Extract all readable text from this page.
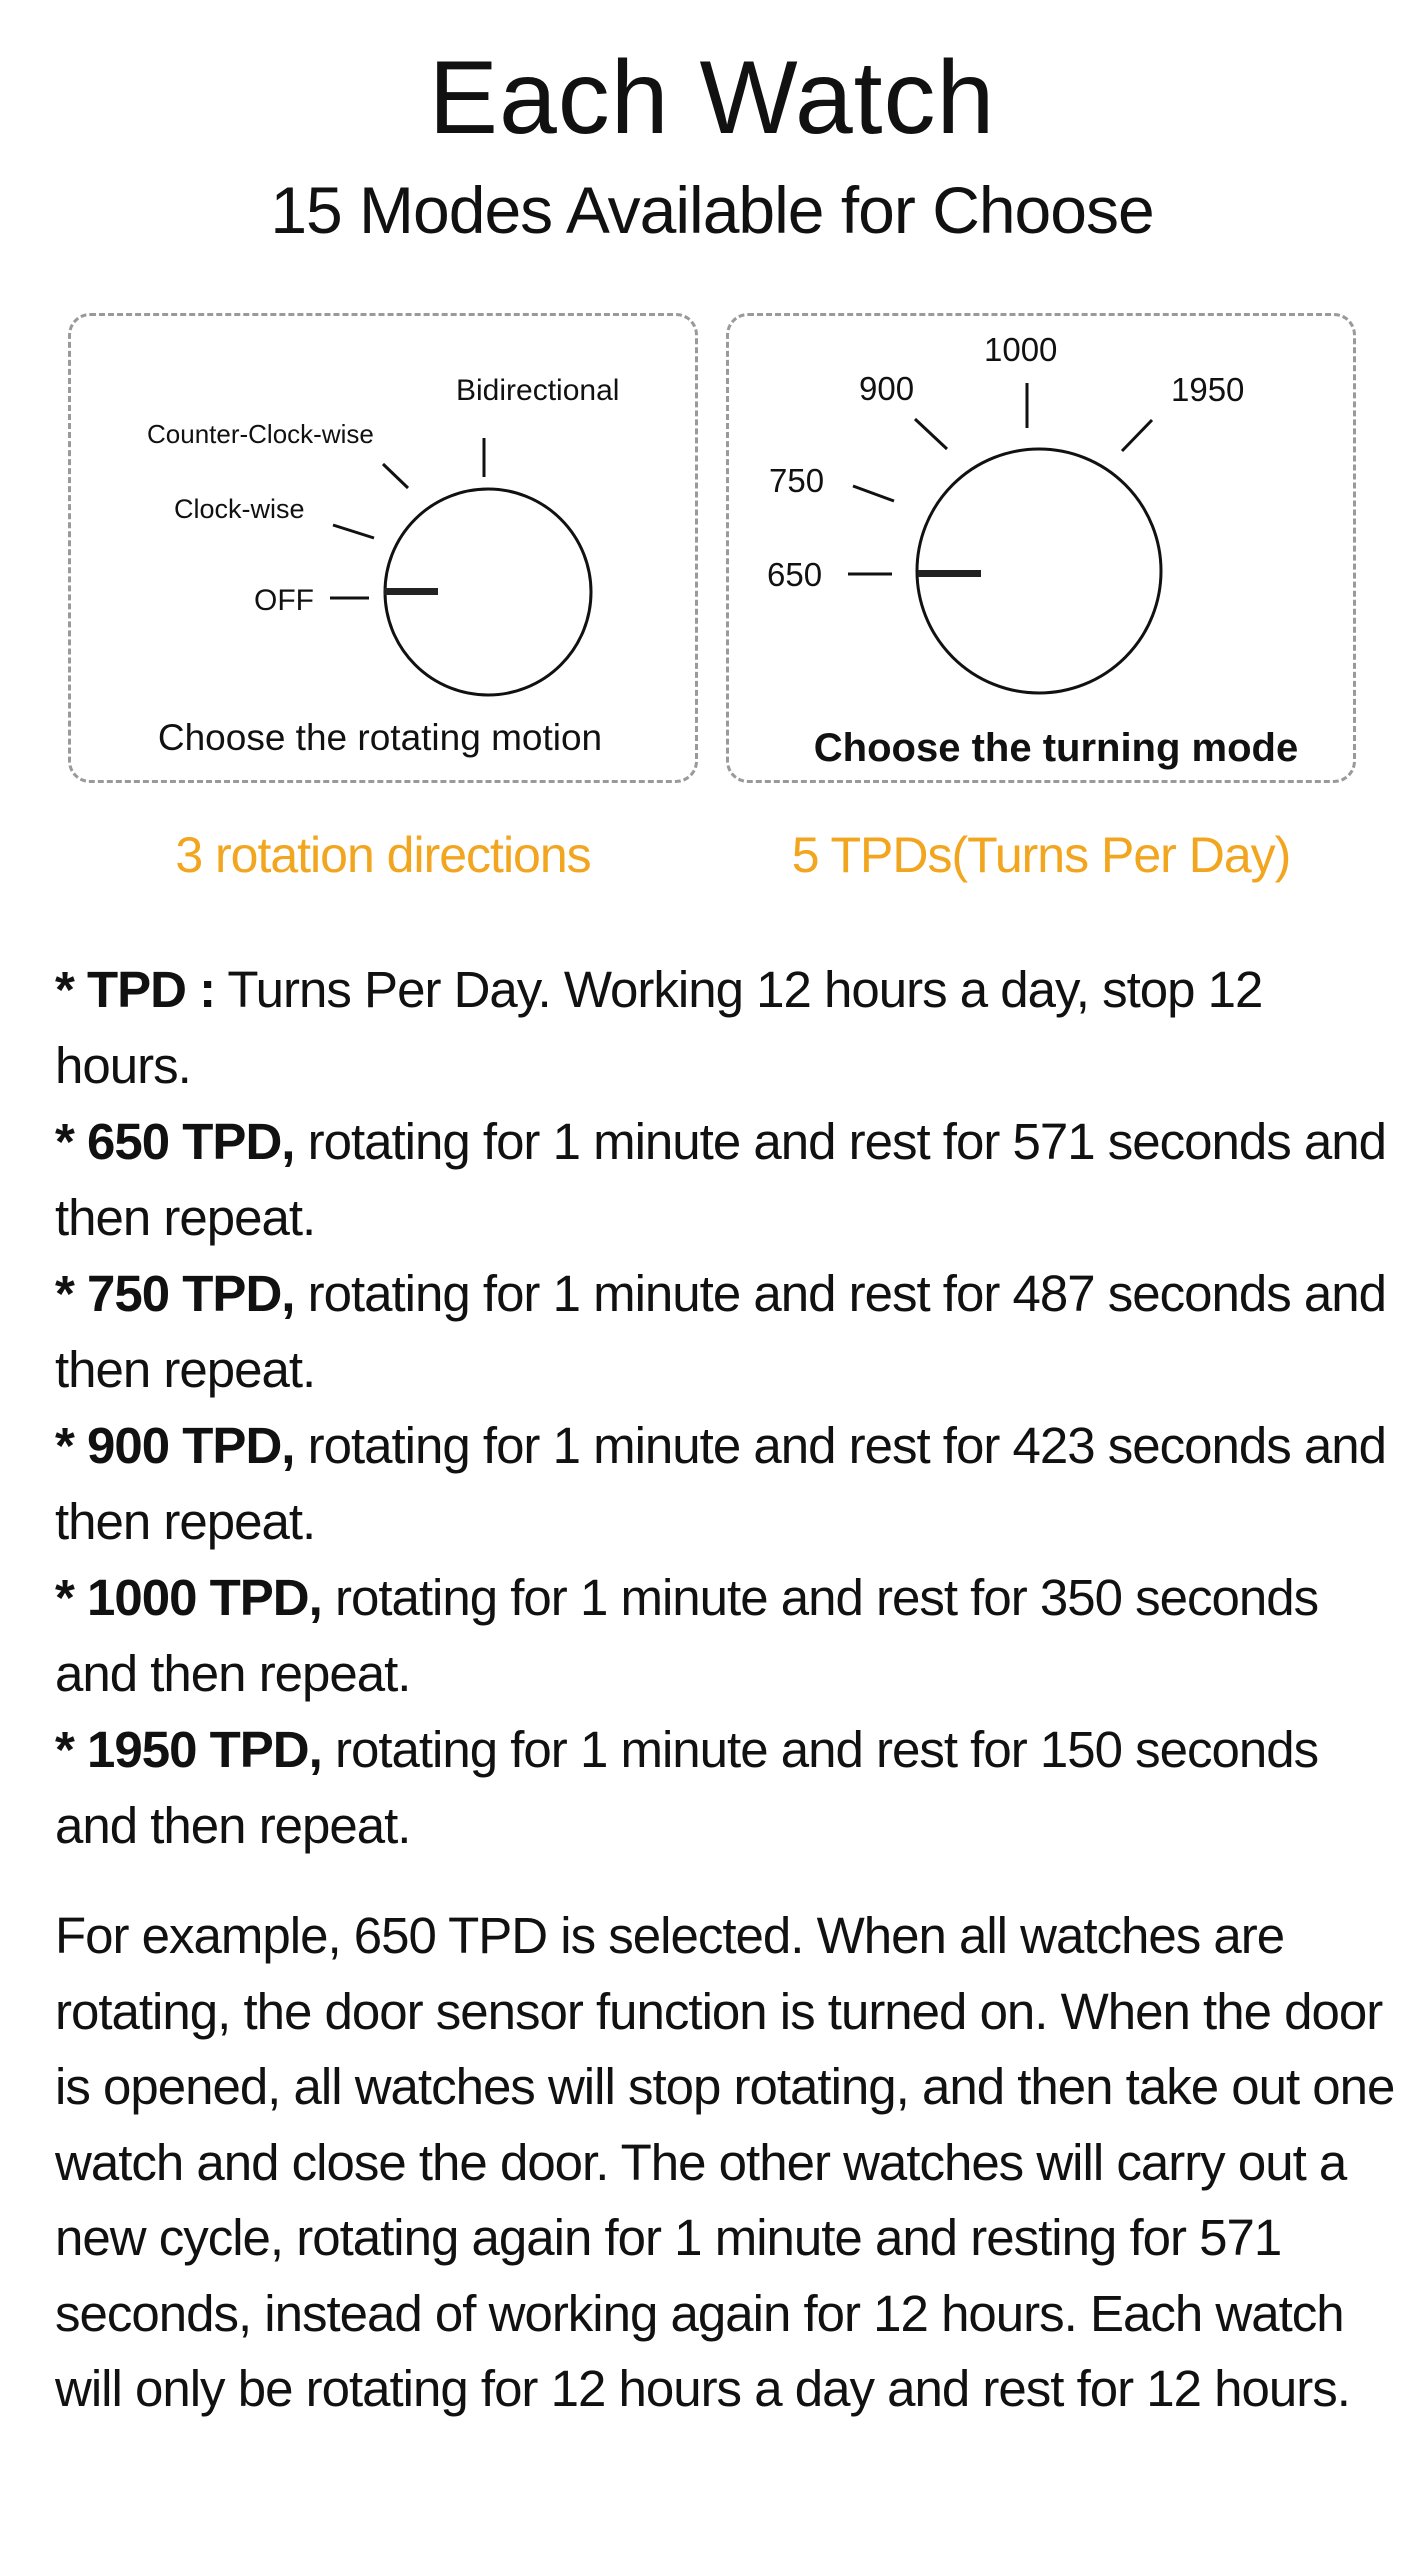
Each Watch
15 Modes Available for Choose
Bidirectional
Counter-Clock-wise
Clock-wise
OFF
Choose the rotating motion
1000
900	1950
750
650
Choose the turning mode
3 rotation directions	5 TPDs(Turns Per Day)

* TPD : Turns Per Day. Working 12 hours a day, stop 12 hours.

* 650 TPD, rotating for 1 minute and rest for 571 seconds and then repeat.

* 750 TPD, rotating for 1 minute and rest for 487 seconds and then repeat.

* 900 TPD, rotating for 1 minute and rest for 423 seconds and then repeat.

* 1000 TPD, rotating for 1 minute and rest for 350 seconds and then repeat.

* 1950 TPD, rotating for 1 minute and rest for 150 seconds and then repeat.

For example, 650 TPD is selected. When all watches are rotating, the door sensor function is turned on. When the door is opened, all watches will stop rotating, and then take out one watch and close the door. The other watches will carry out a new cycle, rotating again for 1 minute and resting for 571 seconds, instead of working again for 12 hours. Each watch will only be rotating for 12 hours a day and rest for 12 hours.
